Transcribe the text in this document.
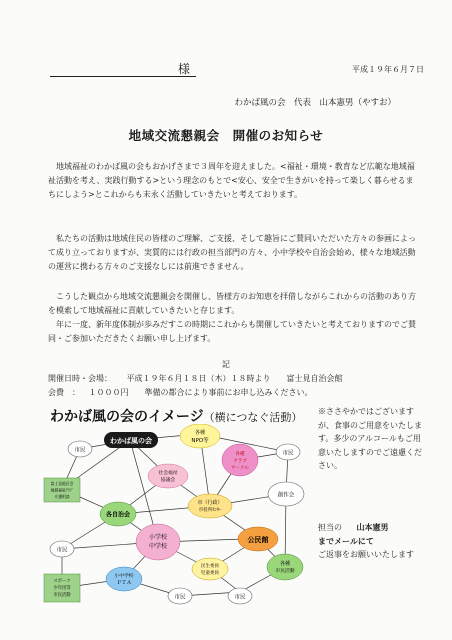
様	平成１９年６月７日
わかば風の会　代表　山本憲男（やすお）
地域交流懇親会　開催のお知らせ
　地域福祉のわかば風の会もおかげさまで３周年を迎えました。<福祉・環境・教育など広範な地域福祉活動を考え、実践行動する>という理念のもとで<安心、安全で生きがいを持って楽しく暮らせるまちにしよう>とこれからも末永く活動していきたいと考えております。
　私たちの活動は地域住民の皆様のご理解、ご支援、そして趣旨にご賛同いただいた方々の参画によって成り立っておりますが、実質的には行政の担当部門の方々、小中学校や自治会始め、様々な地域活動の運営に携わる方々のご支援なしには前進できません。
　こうした観点から地域交流懇親会を開催し、皆様方のお知恵を拝借しながらこれからの活動のあり方を模索して地域福祉に貢献していきたいと存じます。
　年に一度、新年度体制が歩みだすこの時期にこれからも開催していきたいと考えておりますのでご賛同・ご参加いただきたくお願い申し上げます。
記
開催日時・会場： 平成１９年６月１８日（木）１８時より　　富士見自治会館
会費　： １０００円　　準備の都合により事前にお申し込みください。
わかば風の会のイメージ（横につなぐ活動）
わかば風の会
各種
NPO等
市民	市民
富士見地区会
地域福祉ｸﾗﾌﾞ
介護相談
社会福祉
協議会
市（行政）
市役所ｾﾝﾀｰ
各種
クラブ
サークル
創作会
各自治会
公民館
市民
小学校
中学校
民生委員
児童委員
各種
市民活動
小中学校
ＰＴＡ
スポーツ
少年団等
市民活動	市民	市民
※ささやかではございますが、食事のご用意をいたします。多少のアルコールもご用意いたしますのでご遠慮ください。
担当の 山本憲男
までメールにて
ご返事をお願いいたします
